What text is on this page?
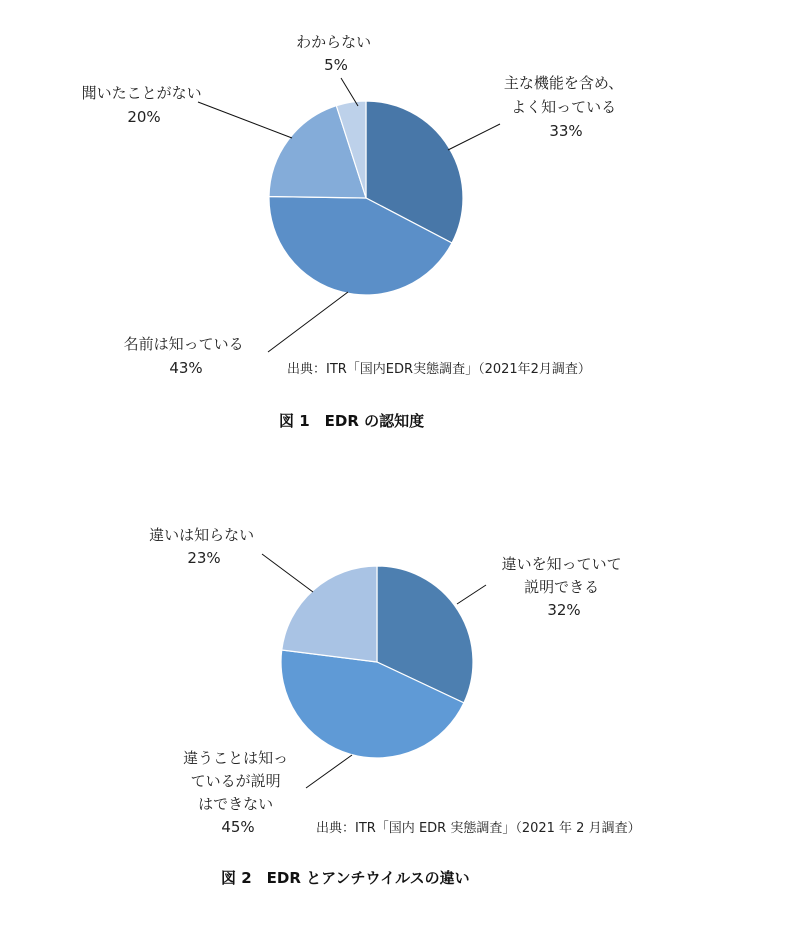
主な機能を含め、 よく知っている 33%
名前は知っている 43%
聞いたことがない 20%
わからない 5%
出典：ITR「国内EDR実態調査」（2021年2月調査）
図 1　EDR の認知度
違いを知っていて 説明できる 32%
違うことは知っ ているが説明 はできない 45%
違いは知らない 23%
出典：ITR「国内 EDR 実態調査」（2021 年 2 月調査）
図 2　EDR とアンチウイルスの違い
